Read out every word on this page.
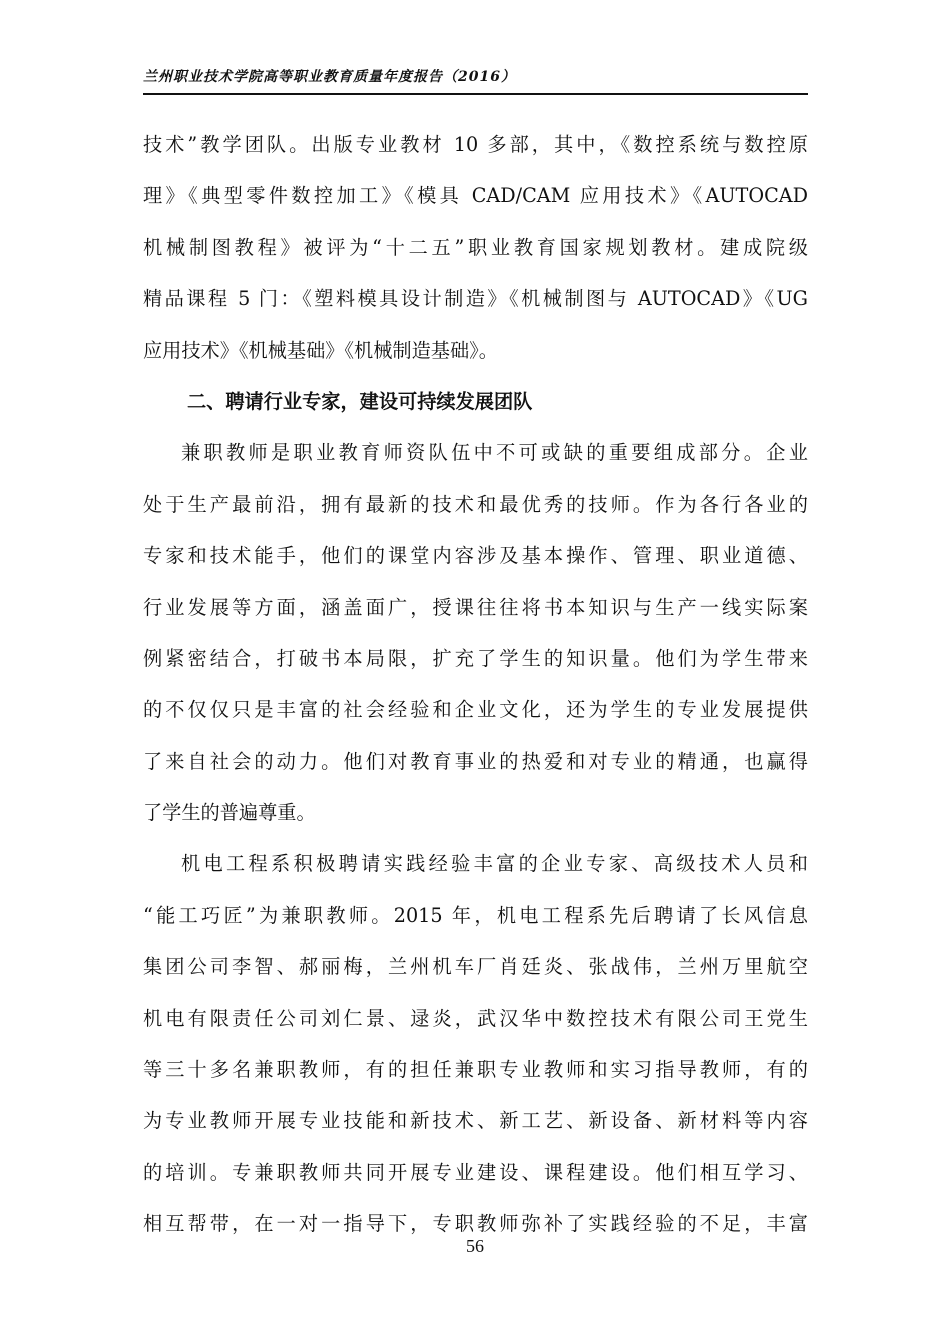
兰州职业技术学院高等职业教育质量年度报告（2016）
技术”教学团队。出版专业教材 10 多部，其中，《数控系统与数控原
理》《典型零件数控加工》《模具 CAD/CAM 应用技术》《AUTOCAD
机械制图教程》被评为“十二五”职业教育国家规划教材。建成院级
精品课程 5 门：《塑料模具设计制造》《机械制图与 AUTOCAD》《UG
应用技术》《机械基础》《机械制造基础》。
二、聘请行业专家，建设可持续发展团队
兼职教师是职业教育师资队伍中不可或缺的重要组成部分。企业
处于生产最前沿，拥有最新的技术和最优秀的技师。作为各行各业的
专家和技术能手，他们的课堂内容涉及基本操作、管理、职业道德、
行业发展等方面，涵盖面广，授课往往将书本知识与生产一线实际案
例紧密结合，打破书本局限，扩充了学生的知识量。他们为学生带来
的不仅仅只是丰富的社会经验和企业文化，还为学生的专业发展提供
了来自社会的动力。他们对教育事业的热爱和对专业的精通，也赢得
了学生的普遍尊重。
机电工程系积极聘请实践经验丰富的企业专家、高级技术人员和
“能工巧匠”为兼职教师。2015 年，机电工程系先后聘请了长风信息
集团公司李智、郝丽梅，兰州机车厂肖廷炎、张战伟，兰州万里航空
机电有限责任公司刘仁景、逯炎，武汉华中数控技术有限公司王党生
等三十多名兼职教师，有的担任兼职专业教师和实习指导教师，有的
为专业教师开展专业技能和新技术、新工艺、新设备、新材料等内容
的培训。专兼职教师共同开展专业建设、课程建设。他们相互学习、
相互帮带，在一对一指导下，专职教师弥补了实践经验的不足，丰富
56
